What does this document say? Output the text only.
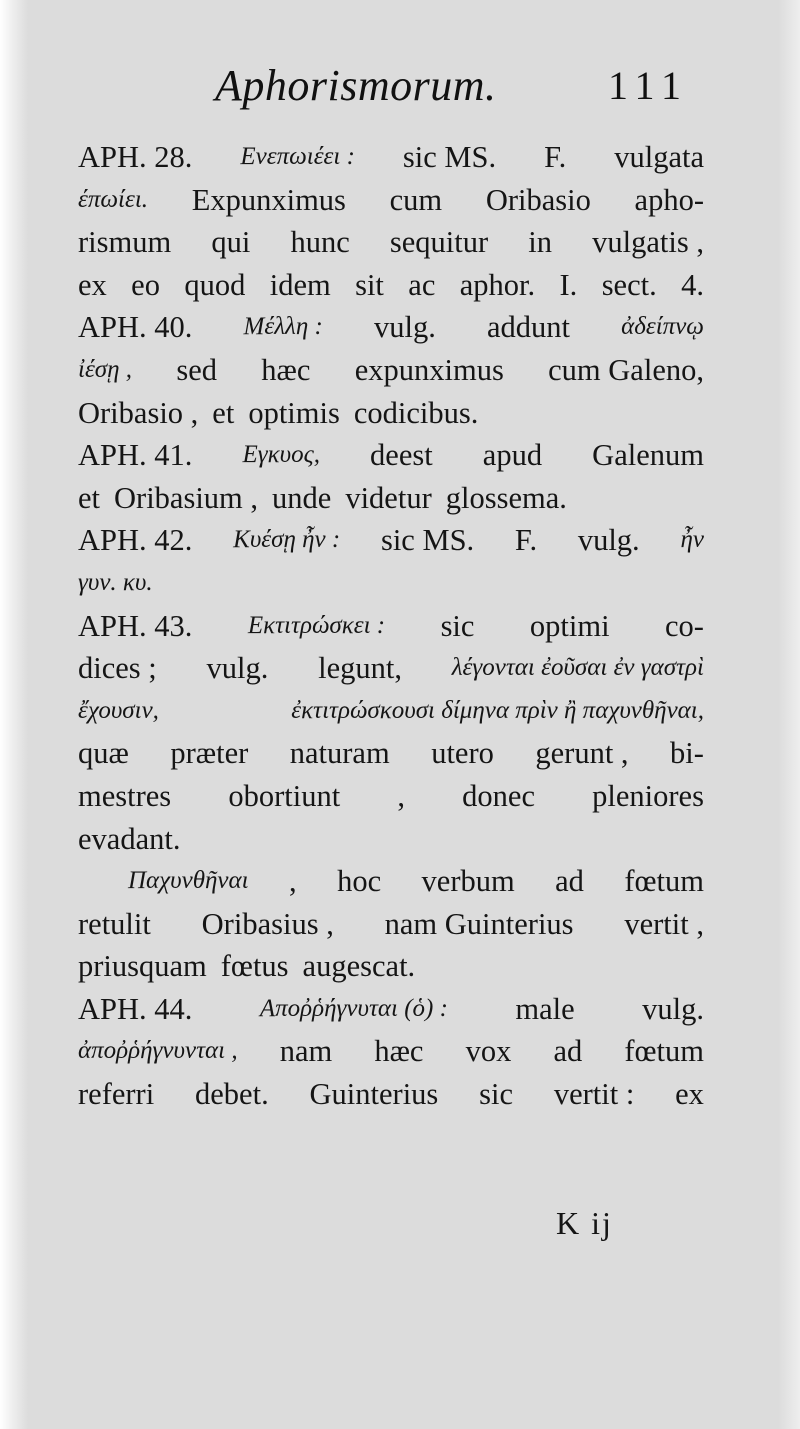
Aphorismorum.	111
APH. 28. Ενεπωιέει : sic MS. F. vulgata
έπωίει. Expunximus cum Oribasio apho-
rismum qui hunc sequitur in vulgatis ,
ex eo quod idem sit ac aphor. I. sect. 4.
APH. 40. Μέλλη : vulg. addunt ἀδείπνῳ
ἰέσῃ , sed hæc expunximus cum Galeno,
Oribasio , et optimis codicibus.
APH. 41. Εγκυος, deest apud Galenum
et Oribasium , unde videtur glossema.
APH. 42. Κυέσῃ ἦν : sic MS. F. vulg. ἦν
γυν. κυ.
APH. 43. Εκτιτρώσκει : sic optimi co-
dices ; vulg. legunt, λέγονται ἐοῦσαι ἐν γαστρὶ
ἔχουσιν,	ἐκτιτρώσκουσι δίμηνα πρὶν ἢ παχυνθῆναι,
quæ præter naturam utero gerunt , bi-
mestres obortiunt , donec pleniores
evadant.
Παχυνθῆναι , hoc verbum ad fœtum
retulit Oribasius , nam Guinterius vertit ,
priusquam fœtus augescat.
APH. 44.	Αποῤῥήγνυται (ὁ) : male vulg.
ἀποῤῥήγνυνται , nam hæc vox ad fœtum
referri debet. Guinterius sic vertit : ex
K ij
